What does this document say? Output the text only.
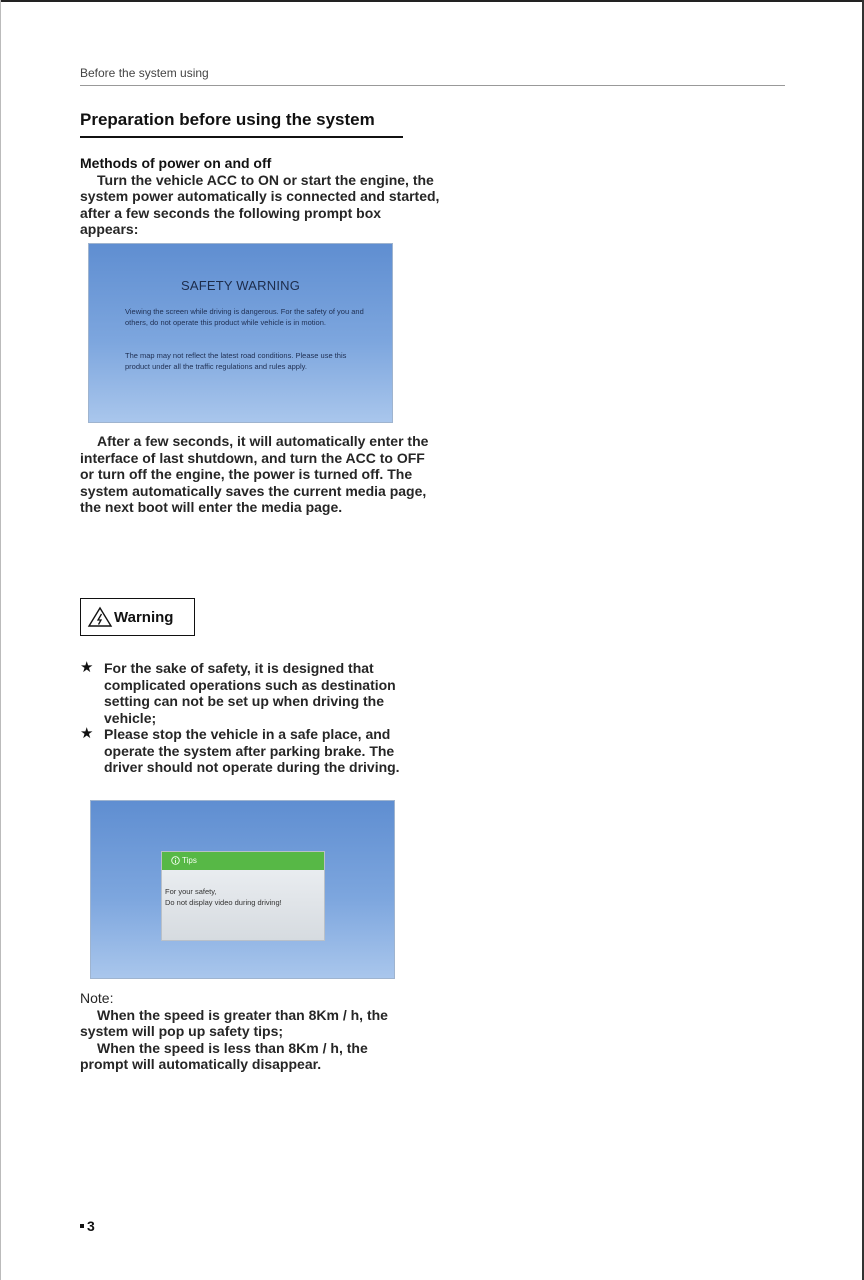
Before the system using
Preparation before using the system
Methods of power on and off
Turn the vehicle ACC to ON or start the engine, the system power automatically is connected and started, after a few seconds the following prompt box appears:
SAFETY WARNING
Viewing the screen while driving is dangerous. For the safety of you and others, do not operate this product while vehicle is in motion.
The map may not reflect the latest road conditions. Please use this product under all the traffic regulations and rules apply.
After a few seconds, it will automatically enter the interface of last shutdown, and turn the ACC to OFF or turn off the engine, the power is turned off. The system automatically saves the current media page, the next boot will enter the media page.
Warning
★ For the sake of safety, it is designed that complicated operations such as destination setting can not be set up when driving the vehicle;
★ Please stop the vehicle in a safe place, and operate the system after parking brake. The driver should not operate during the driving.
Tips
For your safety,
Do not display video during driving!
Note:
When the speed is greater than 8Km / h, the system will pop up safety tips;
When the speed is less than 8Km / h, the prompt will automatically disappear.
3
